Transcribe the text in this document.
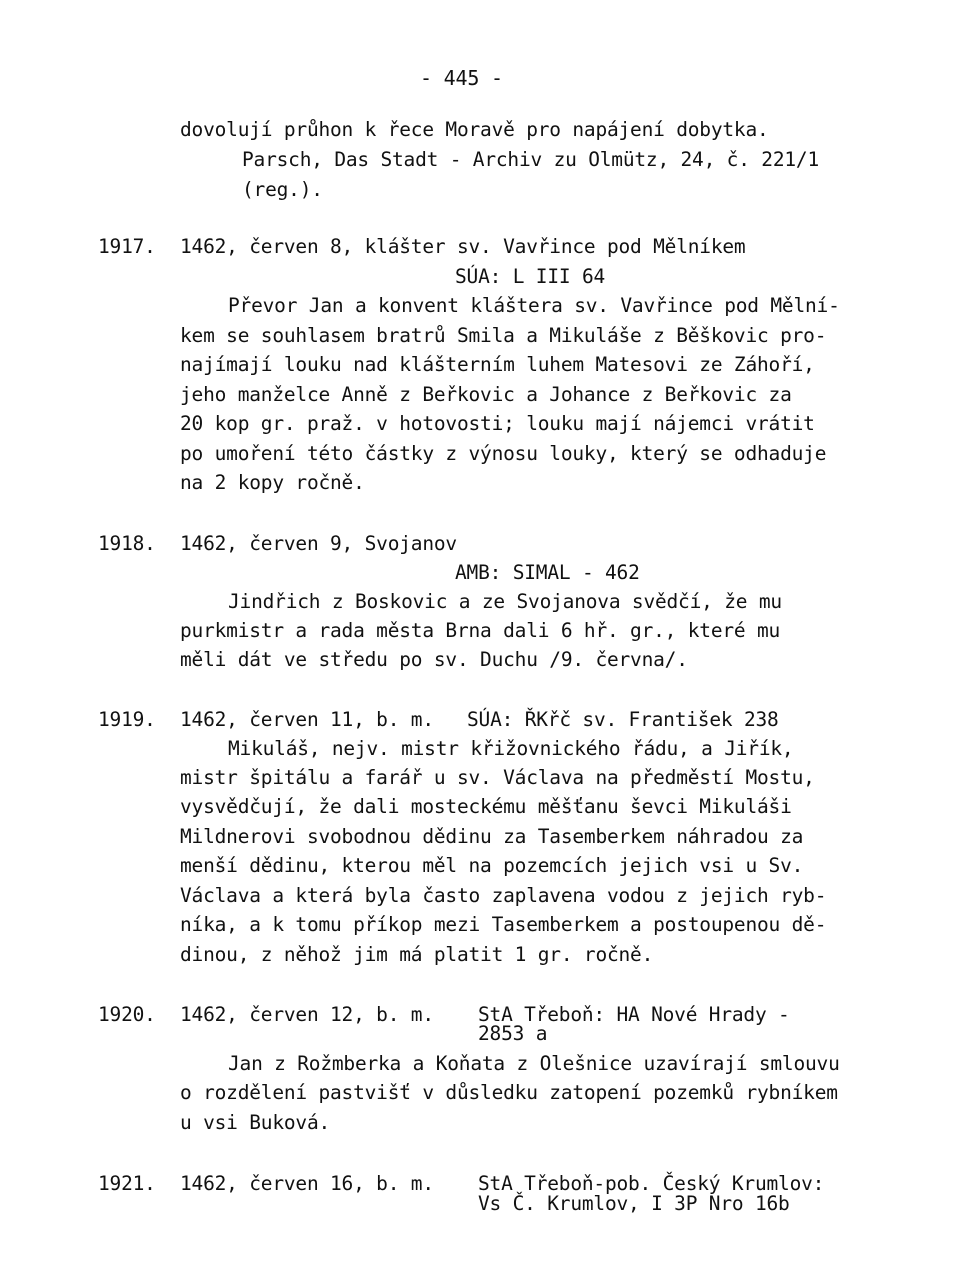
- 445 -
dovolují průhon k řece Moravě pro napájení dobytka.
Parsch, Das Stadt - Archiv zu Olmütz, 24, č. 221/1
(reg.).
1917. 1462, červen 8, klášter sv. Vavřince pod Mělníkem
SÚA: L III 64
Převor Jan a konvent kláštera sv. Vavřince pod Mělní-
kem se souhlasem bratrů Smila a Mikuláše z Běškovic pro-
najímají louku nad klášterním luhem Matesovi ze Záhoří,
jeho manželce Anně z Beřkovic a Johance z Beřkovic za
20 kop gr. praž. v hotovosti; louku mají nájemci vrátit
po umoření této částky z výnosu louky, který se odhaduje
na 2 kopy ročně.
1918. 1462, červen 9, Svojanov
AMB: SIMAL - 462
Jindřich z Boskovic a ze Svojanova svědčí, že mu
purkmistr a rada města Brna dali 6 hř. gr., které mu
měli dát ve středu po sv. Duchu /9. června/.
1919. 1462, červen 11, b. m. SÚA: ŘKřč sv. František 238
Mikuláš, nejv. mistr křižovnického řádu, a Jiřík,
mistr špitálu a farář u sv. Václava na předměstí Mostu,
vysvědčují, že dali mosteckému měšťanu ševci Mikuláši
Mildnerovi svobodnou dědinu za Tasemberkem náhradou za
menší dědinu, kterou měl na pozemcích jejich vsi u Sv.
Václava a která byla často zaplavena vodou z jejich ryb-
níka, a k tomu příkop mezi Tasemberkem a postoupenou dě-
dinou, z něhož jim má platit 1 gr. ročně.
1920. 1462, červen 12, b. m. StA Třeboň: HA Nové Hrady -
2853 a
Jan z Rožmberka a Koňata z Olešnice uzavírají smlouvu
o rozdělení pastvišť v důsledku zatopení pozemků rybníkem
u vsi Buková.
1921. 1462, červen 16, b. m. StA Třeboň-pob. Český Krumlov:
Vs Č. Krumlov, I 3P Nro 16b
